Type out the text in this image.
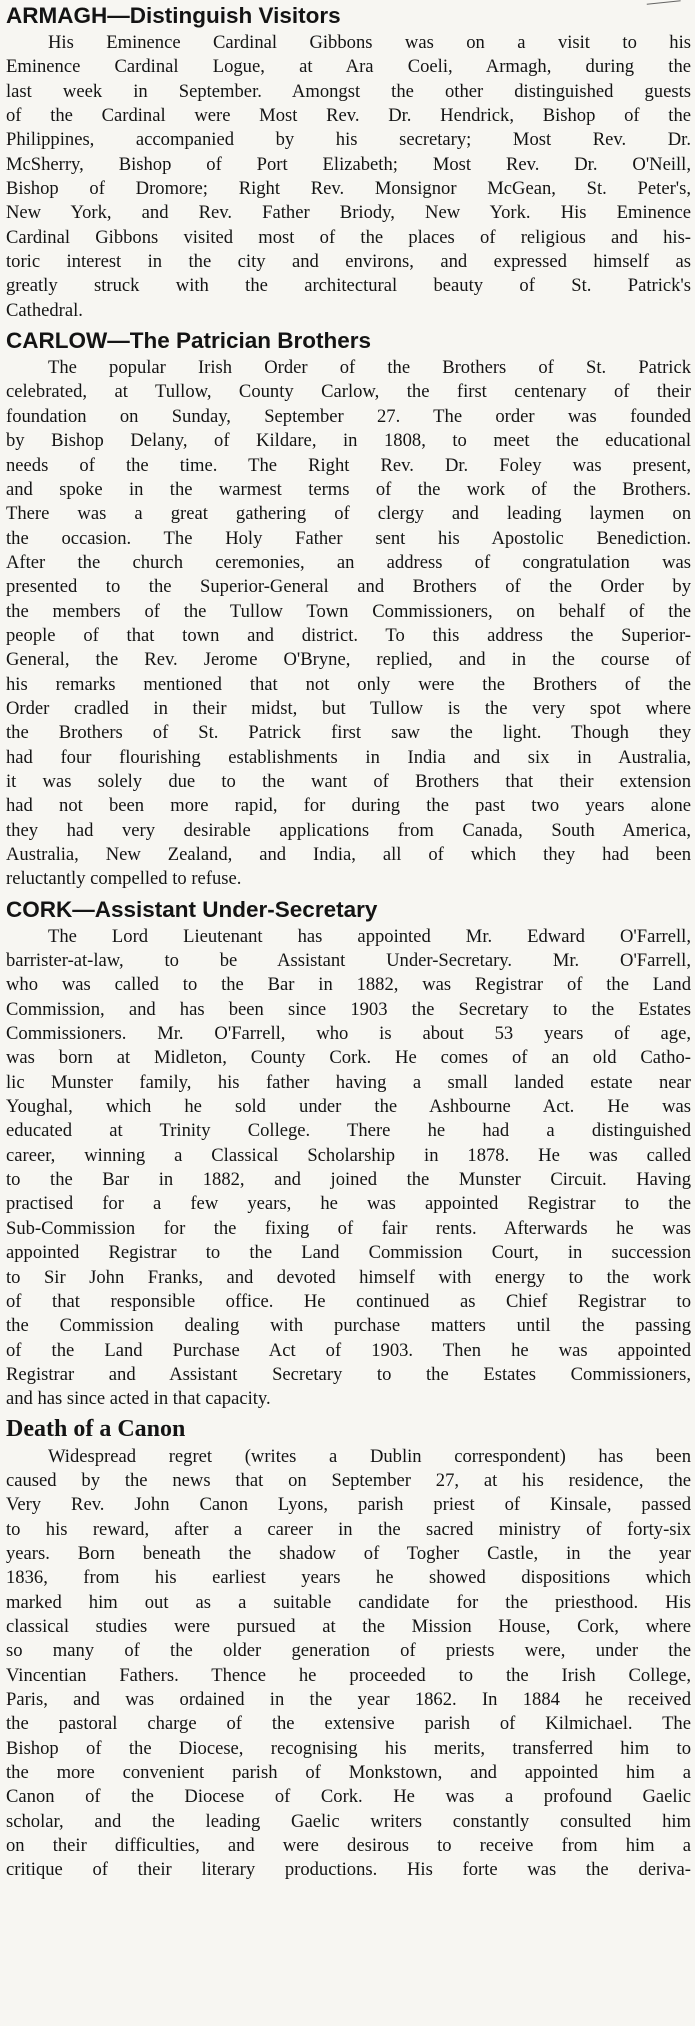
ARMAGH—Distinguish Visitors
His Eminence Cardinal Gibbons was on a visit to his
Eminence Cardinal Logue, at Ara Coeli, Armagh, during the
last week in September. Amongst the other distinguished guests
of the Cardinal were Most Rev. Dr. Hendrick, Bishop of the
Philippines, accompanied by his secretary; Most Rev. Dr.
McSherry, Bishop of Port Elizabeth; Most Rev. Dr. O'Neill,
Bishop of Dromore; Right Rev. Monsignor McGean, St. Peter's,
New York, and Rev. Father Briody, New York. His Eminence
Cardinal Gibbons visited most of the places of religious and his-
toric interest in the city and environs, and expressed himself as
greatly struck with the architectural beauty of St. Patrick's
Cathedral.
CARLOW—The Patrician Brothers
The popular Irish Order of the Brothers of St. Patrick
celebrated, at Tullow, County Carlow, the first centenary of their
foundation on Sunday, September 27. The order was founded
by Bishop Delany, of Kildare, in 1808, to meet the educational
needs of the time. The Right Rev. Dr. Foley was present,
and spoke in the warmest terms of the work of the Brothers.
There was a great gathering of clergy and leading laymen on
the occasion. The Holy Father sent his Apostolic Benediction.
After the church ceremonies, an address of congratulation was
presented to the Superior-General and Brothers of the Order by
the members of the Tullow Town Commissioners, on behalf of the
people of that town and district. To this address the Superior-
General, the Rev. Jerome O'Bryne, replied, and in the course of
his remarks mentioned that not only were the Brothers of the
Order cradled in their midst, but Tullow is the very spot where
the Brothers of St. Patrick first saw the light. Though they
had four flourishing establishments in India and six in Australia,
it was solely due to the want of Brothers that their extension
had not been more rapid, for during the past two years alone
they had very desirable applications from Canada, South America,
Australia, New Zealand, and India, all of which they had been
reluctantly compelled to refuse.
CORK—Assistant Under-Secretary
The Lord Lieutenant has appointed Mr. Edward O'Farrell,
barrister-at-law, to be Assistant Under-Secretary. Mr. O'Farrell,
who was called to the Bar in 1882, was Registrar of the Land
Commission, and has been since 1903 the Secretary to the Estates
Commissioners. Mr. O'Farrell, who is about 53 years of age,
was born at Midleton, County Cork. He comes of an old Catho-
lic Munster family, his father having a small landed estate near
Youghal, which he sold under the Ashbourne Act. He was
educated at Trinity College. There he had a distinguished
career, winning a Classical Scholarship in 1878. He was called
to the Bar in 1882, and joined the Munster Circuit. Having
practised for a few years, he was appointed Registrar to the
Sub-Commission for the fixing of fair rents. Afterwards he was
appointed Registrar to the Land Commission Court, in succession
to Sir John Franks, and devoted himself with energy to the work
of that responsible office. He continued as Chief Registrar to
the Commission dealing with purchase matters until the passing
of the Land Purchase Act of 1903. Then he was appointed
Registrar and Assistant Secretary to the Estates Commissioners,
and has since acted in that capacity.
Death of a Canon
Widespread regret (writes a Dublin correspondent) has been
caused by the news that on September 27, at his residence, the
Very Rev. John Canon Lyons, parish priest of Kinsale, passed
to his reward, after a career in the sacred ministry of forty-six
years. Born beneath the shadow of Togher Castle, in the year
1836, from his earliest years he showed dispositions which
marked him out as a suitable candidate for the priesthood. His
classical studies were pursued at the Mission House, Cork, where
so many of the older generation of priests were, under the
Vincentian Fathers. Thence he proceeded to the Irish College,
Paris, and was ordained in the year 1862. In 1884 he received
the pastoral charge of the extensive parish of Kilmichael. The
Bishop of the Diocese, recognising his merits, transferred him to
the more convenient parish of Monkstown, and appointed him a
Canon of the Diocese of Cork. He was a profound Gaelic
scholar, and the leading Gaelic writers constantly consulted him
on their difficulties, and were desirous to receive from him a
critique of their literary productions. His forte was the deriva-
